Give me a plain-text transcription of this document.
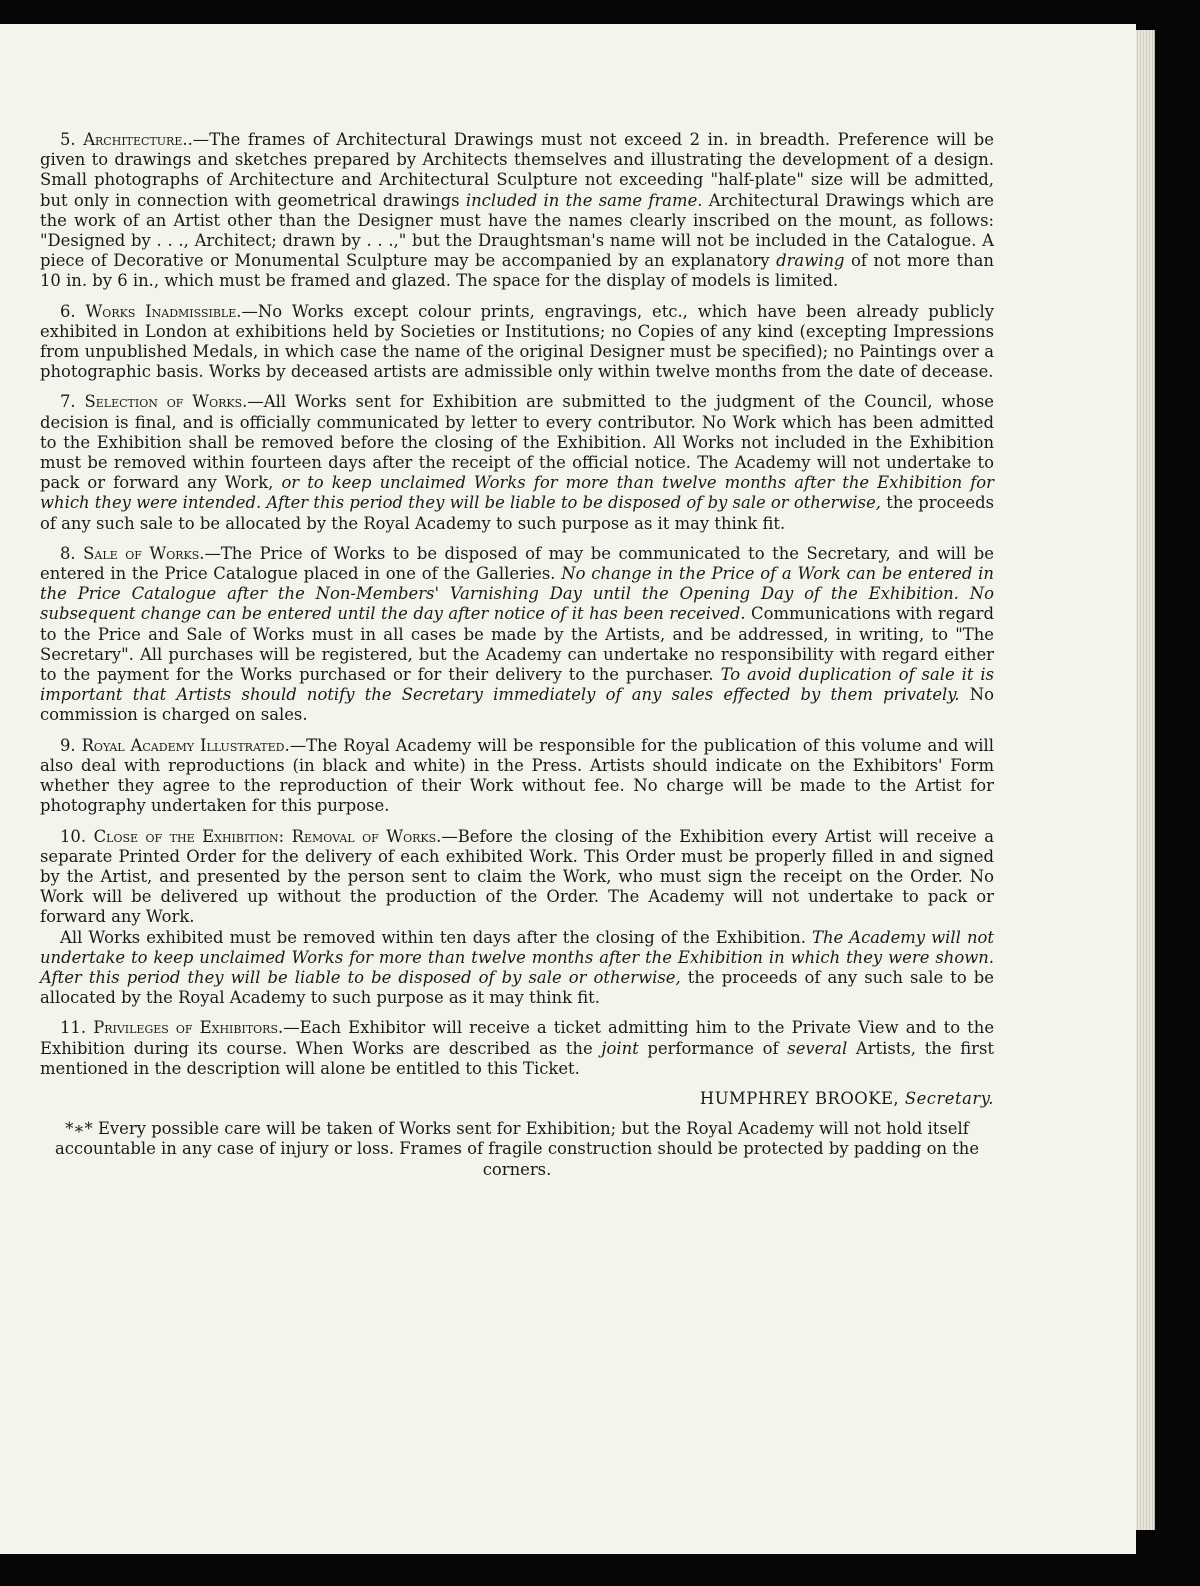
5. Architecture..—The frames of Architectural Drawings must not exceed 2 in. in breadth. Preference will be given to drawings and sketches prepared by Architects themselves and illustrating the development of a design. Small photographs of Architecture and Architectural Sculpture not exceeding "half-plate" size will be admitted, but only in connection with geometrical drawings included in the same frame. Architectural Drawings which are the work of an Artist other than the Designer must have the names clearly inscribed on the mount, as follows: "Designed by . . ., Architect; drawn by . . .," but the Draughtsman's name will not be included in the Catalogue. A piece of Decorative or Monumental Sculpture may be accompanied by an explanatory drawing of not more than 10 in. by 6 in., which must be framed and glazed. The space for the display of models is limited.

6. Works Inadmissible.—No Works except colour prints, engravings, etc., which have been already publicly exhibited in London at exhibitions held by Societies or Institutions; no Copies of any kind (excepting Impressions from unpublished Medals, in which case the name of the original Designer must be specified); no Paintings over a photographic basis. Works by deceased artists are admissible only within twelve months from the date of decease.

7. Selection of Works.—All Works sent for Exhibition are submitted to the judgment of the Council, whose decision is final, and is officially communicated by letter to every contributor. No Work which has been admitted to the Exhibition shall be removed before the closing of the Exhibition. All Works not included in the Exhibition must be removed within fourteen days after the receipt of the official notice. The Academy will not undertake to pack or forward any Work, or to keep unclaimed Works for more than twelve months after the Exhibition for which they were intended. After this period they will be liable to be disposed of by sale or otherwise, the proceeds of any such sale to be allocated by the Royal Academy to such purpose as it may think fit.

8. Sale of Works.—The Price of Works to be disposed of may be communicated to the Secretary, and will be entered in the Price Catalogue placed in one of the Galleries. No change in the Price of a Work can be entered in the Price Catalogue after the Non-Members' Varnishing Day until the Opening Day of the Exhibition. No subsequent change can be entered until the day after notice of it has been received. Communications with regard to the Price and Sale of Works must in all cases be made by the Artists, and be addressed, in writing, to "The Secretary". All purchases will be registered, but the Academy can undertake no responsibility with regard either to the payment for the Works purchased or for their delivery to the purchaser. To avoid duplication of sale it is important that Artists should notify the Secretary immediately of any sales effected by them privately. No commission is charged on sales.

9. Royal Academy Illustrated.—The Royal Academy will be responsible for the publication of this volume and will also deal with reproductions (in black and white) in the Press. Artists should indicate on the Exhibitors' Form whether they agree to the reproduction of their Work without fee. No charge will be made to the Artist for photography undertaken for this purpose.

10. Close of the Exhibition: Removal of Works.—Before the closing of the Exhibition every Artist will receive a separate Printed Order for the delivery of each exhibited Work. This Order must be properly filled in and signed by the Artist, and presented by the person sent to claim the Work, who must sign the receipt on the Order. No Work will be delivered up without the production of the Order. The Academy will not undertake to pack or forward any Work.

All Works exhibited must be removed within ten days after the closing of the Exhibition. The Academy will not undertake to keep unclaimed Works for more than twelve months after the Exhibition in which they were shown. After this period they will be liable to be disposed of by sale or otherwise, the proceeds of any such sale to be allocated by the Royal Academy to such purpose as it may think fit.

11. Privileges of Exhibitors.—Each Exhibitor will receive a ticket admitting him to the Private View and to the Exhibition during its course. When Works are described as the joint performance of several Artists, the first mentioned in the description will alone be entitled to this Ticket.

HUMPHREY BROOKE, Secretary.

*∗* Every possible care will be taken of Works sent for Exhibition; but the Royal Academy will not hold itself accountable in any case of injury or loss. Frames of fragile construction should be protected by padding on the corners.
